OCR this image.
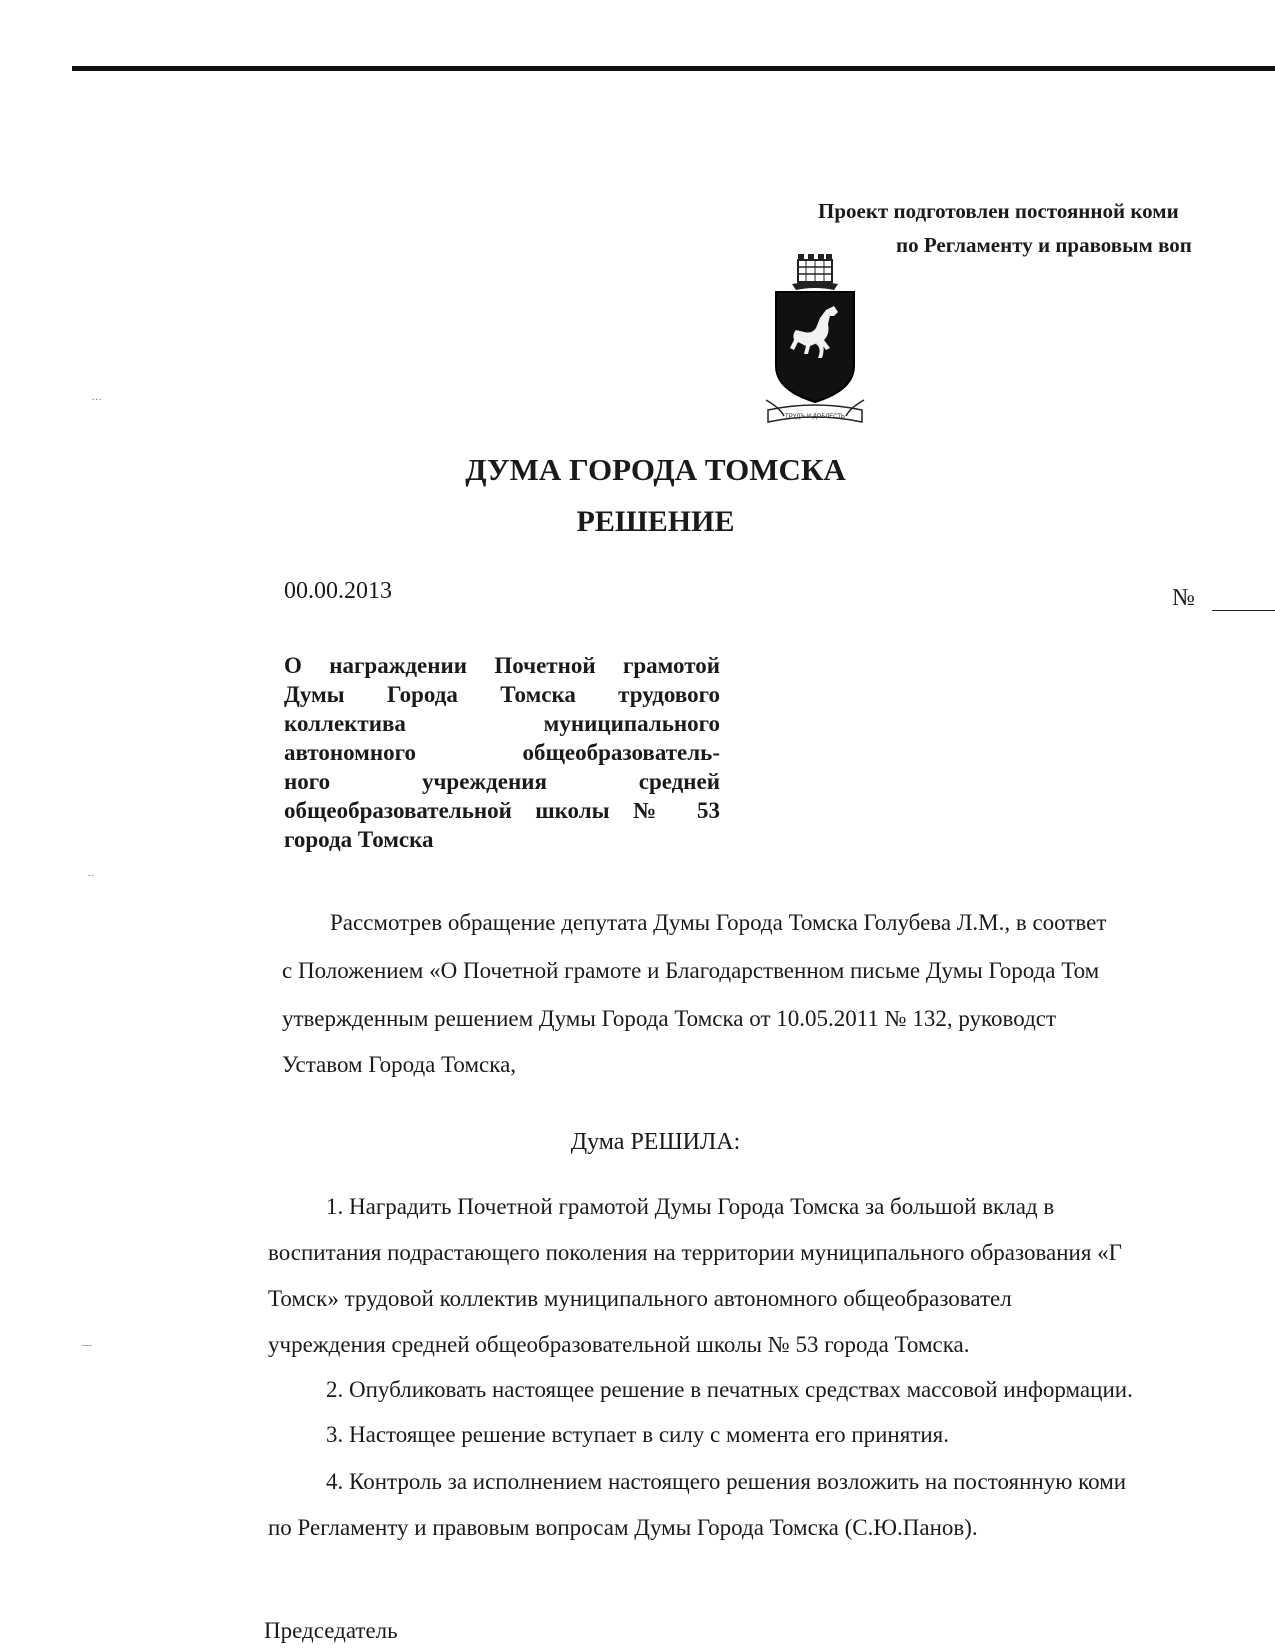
Проект подготовлен постоянной коми
по Регламенту и правовым воп
ТРУДЪ И ДОБЛЕСТЬ
ДУМА ГОРОДА ТОМСКА
РЕШЕНИЕ
00.00.2013	№
О награждении Почетной грамотой
Думы Города Томска трудового
коллектива муниципального
автономного общеобразователь-
ного учреждения средней
общеобразовательной школы № 53
города Томска
Рассмотрев обращение депутата Думы Города Томска Голубева Л.М., в соответ
с Положением «О Почетной грамоте и Благодарственном письме Думы Города Том
утвержденным решением Думы Города Томска от 10.05.2011 № 132, руководст
Уставом Города Томска,
Дума РЕШИЛА:
1. Наградить Почетной грамотой Думы Города Томска за большой вклад в
воспитания подрастающего поколения на территории муниципального образования «Г
Томск» трудовой коллектив муниципального автономного общеобразовател
учреждения средней общеобразовательной школы № 53 города Томска.
2. Опубликовать настоящее решение в печатных средствах массовой информации.
3. Настоящее решение вступает в силу с момента его принятия.
4. Контроль за исполнением настоящего решения возложить на постоянную коми
по Регламенту и правовым вопросам Думы Города Томска (С.Ю.Панов).
Председатель
...
..
—
